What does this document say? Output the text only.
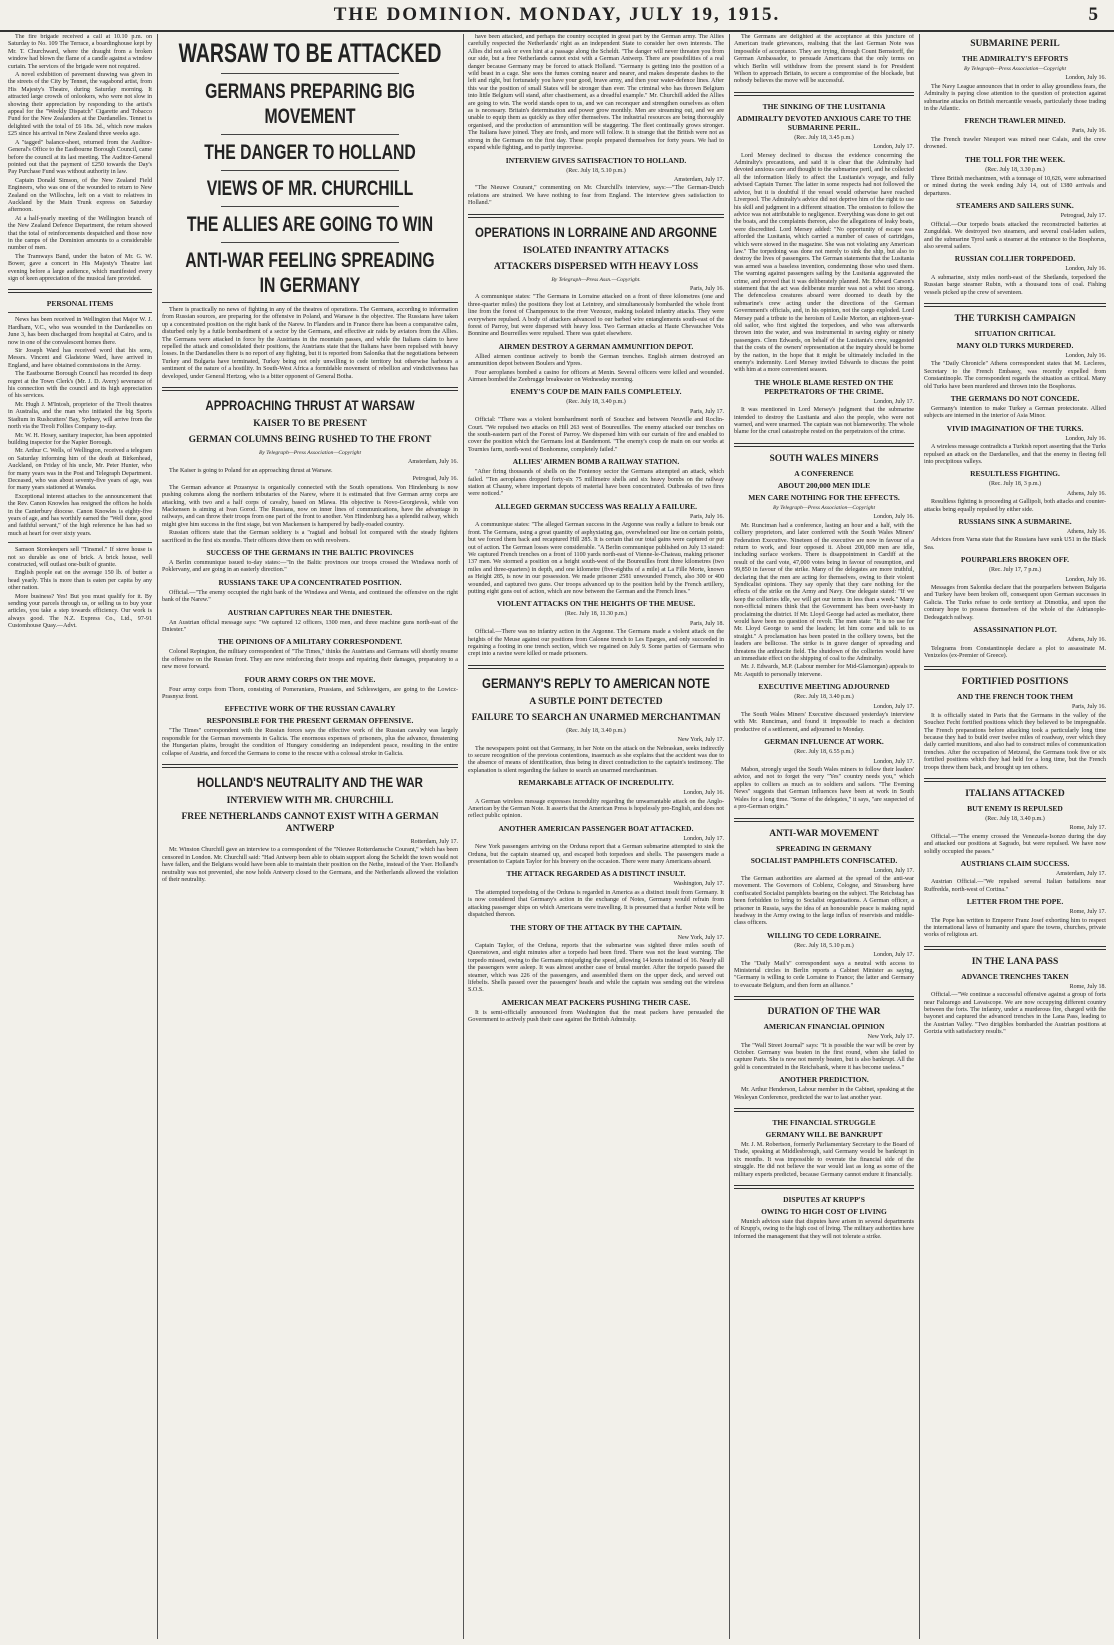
THE DOMINION. MONDAY, JULY 19, 1915.	5

The fire brigade received a call at 10.10 p.m. on Saturday to No. 109 The Terrace, a boardinghouse kept by Mr. T. Churchward, where the draught from a broken window had blown the flame of a candle against a window curtain. The services of the brigade were not required.

A novel exhibition of pavement drawing was given in the streets of the City by Tennet, the vagabond artist, from His Majesty's Theatre, during Saturday morning. It attracted large crowds of onlookers, who were not slow in showing their appreciation by responding to the artist's appeal for the "Weekly Dispatch" Cigarette and Tobacco Fund for the New Zealanders at the Dardanelles. Tennet is delighted with the total of £6 18s. 3d., which now makes £25 since his arrival in New Zealand three weeks ago.

A "tagged" balance-sheet, returned from the Auditor-General's Office to the Eastbourne Borough Council, came before the council at its last meeting. The Auditor-General pointed out that the payment of £250 towards the Day's Pay Purchase Fund was without authority in law.

Captain Donald Simson, of the New Zealand Field Engineers, who was one of the wounded to return to New Zealand on the Willochra, left on a visit to relatives in Auckland by the Main Trunk express on Saturday afternoon.

At a half-yearly meeting of the Wellington branch of the New Zealand Defence Department, the return showed that the total of reinforcements despatched and those now in the camps of the Dominion amounts to a considerable number of men.

The Tramways Band, under the baton of Mr. G. W. Bower, gave a concert in His Majesty's Theatre last evening before a large audience, which manifested every sign of keen appreciation of the musical fare provided.

PERSONAL ITEMS

News has been received in Wellington that Major W. J. Hardham, V.C., who was wounded in the Dardanelles on June 3, has been discharged from hospital at Cairo, and is now in one of the convalescent homes there.

Sir Joseph Ward has received word that his sons, Messrs. Vincent and Gladstone Ward, have arrived in England, and have obtained commissions in the Army.

The Eastbourne Borough Council has recorded its deep regret at the Town Clerk's (Mr. J. D. Avery) severance of his connection with the council and its high appreciation of his services.

Mr. Hugh J. M'Intosh, proprietor of the Tivoli theatres in Australia, and the man who initiated the big Sports Stadium in Rushcutters' Bay, Sydney, will arrive from the north via the Tivoli Follies Company to-day.

Mr. W. H. Hosey, sanitary inspector, has been appointed building inspector for the Napier Borough.

Mr. Arthur C. Wells, of Wellington, received a telegram on Saturday informing him of the death at Birkenhead, Auckland, on Friday of his uncle, Mr. Peter Hunter, who for many years was in the Post and Telegraph Department. Deceased, who was about seventy-five years of age, was for many years stationed at Wanaka.

Exceptional interest attaches to the announcement that the Rev. Canon Knowles has resigned the offices he holds in the Canterbury diocese. Canon Knowles is eighty-five years of age, and has worthily earned the "Well done, good and faithful servant," of the high reference he has had so much at heart for over sixty years.

Samson Storekeepers sell "Tinsmel." If stove house is not so durable as one of brick. A brick house, well constructed, will outlast one-built of granite.

English people eat on the average 150 lb. of butter a head yearly. This is more than is eaten per capita by any other nation.

More business? Yes! But you must qualify for it. By sending your parcels through us, or selling us to buy your articles, you take a step towards efficiency. Our work is always good. The N.Z. Express Co., Ltd., 97-91 Customhouse Quay.—Advt.

WARSAW TO BE ATTACKED
GERMANS PREPARING BIG MOVEMENT
THE DANGER TO HOLLAND
VIEWS OF MR. CHURCHILL
THE ALLIES ARE GOING TO WIN
ANTI-WAR FEELING SPREADING IN GERMANY

There is practically no news of fighting in any of the theatres of operations. The Germans, according to information from Russian sources, are preparing for the offensive in Poland, and Warsaw is the objective. The Russians have taken up a concentrated position on the right bank of the Narew. In Flanders and in France there has been a comparative calm, disturbed only by a futile bombardment of a sector by the Germans, and effective air raids by aviators from the Allies. The Germans were attacked in force by the Austrians in the mountain passes, and while the Italians claim to have repelled the attack and consolidated their positions, the Austrians state that the Italians have been repulsed with heavy losses. In the Dardanelles there is no report of any fighting, but it is reported from Salonika that the negotiations between Turkey and Bulgaria have terminated, Turkey being not only unwilling to cede territory but otherwise harbours a sentiment of the nature of a hostility. In South-West Africa a formidable movement of rebellion and vindictiveness has developed, under General Hertzog, who is a bitter opponent of General Botha.

APPROACHING THRUST AT WARSAW
KAISER TO BE PRESENT
GERMAN COLUMNS BEING RUSHED TO THE FRONT
By Telegraph—Press Association—Copyright
Amsterdam, July 16.

The Kaiser is going to Poland for an approaching thrust at Warsaw.

Petrograd, July 16.

The German advance at Przasnysz is organically connected with the South operations. Von Hindenburg is now pushing columns along the northern tributaries of the Narew, where it is estimated that five German army corps are attacking, with two and a half corps of cavalry, based on Mlawa. His objective is Novo-Georgievsk, while von Mackensen is aiming at Ivan Gorod. The Russians, now on inner lines of communications, have the advantage in railways, and can throw their troops from one part of the front to another. Von Hindenburg has a splendid railway, which might give him success in the first stage, but von Mackensen is hampered by badly-roaded country.

Russian officers state that the German soldiery is a "ragtail and bobtail lot compared with the steady fighters sacrificed in the first six months. Their officers drive them on with revolvers.

SUCCESS OF THE GERMANS IN THE BALTIC PROVINCES

A Berlin communique issued to-day states:—"In the Baltic provinces our troops crossed the Windawa north of Poklervany, and are going in an easterly direction."

RUSSIANS TAKE UP A CONCENTRATED POSITION.

Official.—"The enemy occupied the right bank of the Windawa and Wenta, and continued the offensive on the right bank of the Narew."

AUSTRIAN CAPTURES NEAR THE DNIESTER.

An Austrian official message says: "We captured 12 officers, 1300 men, and three machine guns north-east of the Dniester."

THE OPINIONS OF A MILITARY CORRESPONDENT.

Colonel Repington, the military correspondent of "The Times," thinks the Austrians and Germans will shortly resume the offensive on the Russian front. They are now reinforcing their troops and repairing their damages, preparatory to a new move forward.

FOUR ARMY CORPS ON THE MOVE.

Four army corps from Thorn, consisting of Pomeranians, Prussians, and Schleswigers, are going to the Lowicz-Prasnysz front.

EFFECTIVE WORK OF THE RUSSIAN CAVALRY
RESPONSIBLE FOR THE PRESENT GERMAN OFFENSIVE.

"The Times" correspondent with the Russian forces says the effective work of the Russian cavalry was largely responsible for the German movements in Galicia. The enormous expenses of prisoners, plus the advance, threatening the Hungarian plains, brought the condition of Hungary considering an independent peace, resulting in the entire collapse of Austria, and forced the Germans to come to the rescue with a colossal stroke in Galicia.

HOLLAND'S NEUTRALITY AND THE WAR
INTERVIEW WITH MR. CHURCHILL
FREE NETHERLANDS CANNOT EXIST WITH A GERMAN ANTWERP
Rotterdam, July 17.

Mr. Winston Churchill gave an interview to a correspondent of the "Nieuwe Rotterdamsche Courant," which has been censored in London. Mr. Churchill said: "Had Antwerp been able to obtain support along the Scheldt the town would not have fallen, and the Belgians would have been able to maintain their position on the Nethe, instead of the Yser. Holland's neutrality was not prevented, she now holds Antwerp closed to the Germans, and the Netherlands allowed the violation of their neutrality.

have been attacked, and perhaps the country occupied in great part by the German army. The Allies carefully respected the Netherlands' right as an independent State to consider her own interests. The Allies did not ask or even hint at a passage along the Scheldt. "The danger will never threaten you from our side, but a free Netherlands cannot exist with a German Antwerp. There are possibilities of a real danger because Germany may be forced to attack Holland. "Germany is getting into the position of a wild beast in a cage. She sees the fumes coming nearer and nearer, and makes desperate dashes to the left and right, but fortunately you have your good, brave army, and then your water-defence lines. After this war the position of small States will be stronger than ever. The criminal who has thrown Belgium into little Belgium will stand, after chastisement, as a dreadful example." Mr. Churchill added the Allies are going to win. The world stands open to us, and we can reconquer and strengthen ourselves as often as is necessary. Britain's determination and power grow monthly. Men are streaming out, and we are unable to equip them as quickly as they offer themselves. The industrial resources are being thoroughly organised, and the production of ammunition will be staggering. The fleet continually grows stronger. The Italians have joined. They are fresh, and more will follow. It is strange that the British were not as strong in the Germans on the first day. These people prepared themselves for forty years. We had to expand while fighting, and to partly improvise.

INTERVIEW GIVES SATISFACTION TO HOLLAND.
(Rec. July 18, 5.10 p.m.)
Amsterdam, July 17.

"The Nieuwe Courant," commenting on Mr. Churchill's interview, says:—"The German-Dutch relations are strained. We have nothing to fear from England. The interview gives satisfaction to Holland."

OPERATIONS IN LORRAINE AND ARGONNE
ISOLATED INFANTRY ATTACKS
ATTACKERS DISPERSED WITH HEAVY LOSS
By Telegraph—Press Assn.—Copyright.
Paris, July 16.

A communique states: "The Germans in Lorraine attacked on a front of three kilometres (one and three-quarter miles) the positions they lost at Leintrey, and simultaneously bombarded the whole front line from the forest of Champenoux to the river Vezouze, making isolated infantry attacks. They were everywhere repulsed. A body of attackers advanced to our barbed wire entanglements south-east of the forest of Parroy, but were dispersed with heavy loss. Two German attacks at Haute Chevauchee Vois Bonnine and Bourreilles were repulsed. There was quiet elsewhere.

AIRMEN DESTROY A GERMAN AMMUNITION DEPOT.

Allied airmen continue actively to bomb the German trenches. English airmen destroyed an ammunition depot between Boulers and Ypres.

Four aeroplanes bombed a casino for officers at Menin. Several officers were killed and wounded. Airmen bombed the Zeebrugge breakwater on Wednesday morning.

ENEMY'S COUP DE MAIN FAILS COMPLETELY.
(Rec. July 18, 3.40 p.m.)
Paris, July 17.

Official: "There was a violent bombardment north of Souchez and between Neuville and Roclin-Court. "We repulsed two attacks on Hill 263 west of Boureuilles. The enemy attacked our trenches on the south-eastern part of the Forest of Parroy. We dispersed him with our curtain of fire and enabled to cover the position which the Germans lost at Bandemont. "The enemy's coup de main on our works at Tournies farm, north-west of Bonhomme, completely failed."

ALLIES' AIRMEN BOMB A RAILWAY STATION.

"After firing thousands of shells on the Fontenoy sector the Germans attempted an attack, which failed. "Ten aeroplanes dropped forty-six 75 millimetre shells and six heavy bombs on the railway station at Chauny, where important depots of material have been concentrated. Outbreaks of two fires were noticed."

ALLEGED GERMAN SUCCESS WAS REALLY A FAILURE.
Paris, July 16.

A communique states: "The alleged German success in the Argonne was really a failure to break our front. The Germans, using a great quantity of asphyxiating gas, overwhelmed our line on certain points, but we forced them back and recaptured Hill 285. It is certain that our total gains were captured or put out of action. The German losses were considerable. "A Berlin communique published on July 13 stated: We captured French trenches on a front of 1100 yards north-east of Vienne-le-Chateau, making prisoner 137 men. We stormed a position on a height south-west of the Boureuilles front three kilometres (two miles and three-quarters) in depth, and one kilometre (five-eighths of a mile) at La Fille Morte, known as Height 285, is now in our possession. We made prisoner 2581 unwounded French, also 300 or 400 wounded, and captured two guns. Our troops advanced up to the position held by the French artillery, putting eight guns out of action, which are now between the German and the French lines."

VIOLENT ATTACKS ON THE HEIGHTS OF THE MEUSE.
(Rec. July 18, 11.30 p.m.)
Paris, July 18.

Official.—There was no infantry action in the Argonne. The Germans made a violent attack on the heights of the Meuse against our positions from Calonne trench to Les Eparges, and only succeeded in regaining a footing in one trench section, which we regained on July 9. Some parties of Germans who crept into a ravine were killed or made prisoners.

GERMANY'S REPLY TO AMERICAN NOTE
A SUBTLE POINT DETECTED
FAILURE TO SEARCH AN UNARMED MERCHANTMAN
(Rec. July 18, 3.40 p.m.)
New York, July 17.

The newspapers point out that Germany, in her Note on the attack on the Nebraskan, seeks indirectly to secure recognition of the previous contentions, inasmuch as she explains that the accident was due to the absence of means of identification, thus being in direct contradiction to the captain's testimony. The explanation is silent regarding the failure to search an unarmed merchantman.

REMARKABLE ATTACK OF INCREDULITY.
London, July 16.

A German wireless message expresses incredulity regarding the unwarrantable attack on the Anglo-American by the German Note. It asserts that the American Press is hopelessly pro-English, and does not reflect public opinion.

ANOTHER AMERICAN PASSENGER BOAT ATTACKED.
London, July 17.

New York passengers arriving on the Orduna report that a German submarine attempted to sink the Orduna, but the captain steamed up, and escaped both torpedoes and shells. The passengers made a presentation to Captain Taylor for his bravery on the occasion. There were many Americans aboard.

THE ATTACK REGARDED AS A DISTINCT INSULT.
Washington, July 17.

The attempted torpedoing of the Orduna is regarded in America as a distinct insult from Germany. It is now considered that Germany's action in the exchange of Notes, Germany would refrain from attacking passenger ships on which Americans were travelling. It is presumed that a further Note will be dispatched thereon.

THE STORY OF THE ATTACK BY THE CAPTAIN.
New York, July 17.

Captain Taylor, of the Orduna, reports that the submarine was sighted three miles south of Queenstown, and eight minutes after a torpedo had been fired. There was not the least warning. The torpedo missed, owing to the Germans misjudging the speed, allowing 14 knots instead of 16. Nearly all the passengers were asleep. It was almost another case of brutal murder. After the torpedo passed the steamer, which was 226 of the passengers, and assembled them on the upper deck, and served out lifebelts. Shells passed over the passengers' heads and while the captain was sending out the wireless S.O.S.

AMERICAN MEAT PACKERS PUSHING THEIR CASE.

It is semi-officially announced from Washington that the meat packers have persuaded the Government to actively push their case against the British Admiralty.

The Germans are delighted at the acceptance at this juncture of American trade grievances, realising that the last German Note was impossible of acceptance. They are trying, through Count Bernstorff, the German Ambassador, to persuade Americans that the only terms on which Berlin will withdraw from the present stand is for President Wilson to approach Britain, to secure a compromise of the blockade, but nobody believes the move will be successful.

THE SINKING OF THE LUSITANIA
ADMIRALTY DEVOTED ANXIOUS CARE TO THE SUBMARINE PERIL.
(Rec. July 18, 3.45 p.m.)
London, July 17.

Lord Mersey declined to discuss the evidence concerning the Admiralty's precautions, and said it is clear that the Admiralty had devoted anxious care and thought to the submarine peril, and he collected all the information likely to affect the Lusitania's voyage, and fully advised Captain Turner. The latter in some respects had not followed the advice, but it is doubtful if the vessel would otherwise have reached Liverpool. The Admiralty's advice did not deprive him of the right to use his skill and judgment in a different situation. The omission to follow the advice was not attributable to negligence. Everything was done to get out the boats, and the complaints thereon, also the allegations of leaky boats, were discredited. Lord Mersey added: "No opportunity of escape was afforded the Lusitania, which carried a number of cases of cartridges, which were stowed in the magazine. She was not violating any American law." The torpedoing was done not merely to sink the ship, but also to destroy the lives of passengers. The German statements that the Lusitania was armed was a baseless invention, condemning those who used them. The warning against passengers sailing by the Lusitania aggravated the crime, and proved that it was deliberately planned. Mr. Edward Carson's statement that the act was deliberate murder was not a whit too strong. The defenceless creatures aboard were doomed to death by the submarine's crew acting under the directions of the German Government's officials, and, in his opinion, not the cargo exploded. Lord Mersey paid a tribute to the heroism of Leslie Morton, an eighteen-year-old sailor, who first sighted the torpedoes, and who was afterwards thrown into the water, and was instrumental in saving eighty or ninety passengers. Clem Edwards, on behalf of the Lusitania's crew, suggested that the costs of the owners' representation at the inquiry should be borne by the nation, in the hope that it might be ultimately included in the enemy's indemnity. Lord Mersey invited Edwards to discuss the point with him at a more convenient season.

THE WHOLE BLAME RESTED ON THE PERPETRATORS OF THE CRIME.
London, July 17.

It was mentioned in Lord Mersey's judgment that the submarine intended to destroy the Lusitania and also the people, who were not warned, and were unarmed. The captain was not blameworthy. The whole blame for the cruel catastrophe rested on the perpetrators of the crime.

SOUTH WALES MINERS
A CONFERENCE
ABOUT 200,000 MEN IDLE
MEN CARE NOTHING FOR THE EFFECTS.
By Telegraph—Press Association—Copyright
London, July 16.

Mr. Runciman had a conference, lasting an hour and a half, with the colliery proprietors, and later conferred with the South Wales Miners' Federation Executive. Nineteen of the executive are now in favour of a return to work, and four opposed it. About 200,000 men are idle, including surface workers. There is disappointment in Cardiff at the result of the card vote, 47,000 votes being in favour of resumption, and 99,850 in favour of the strike. Many of the delegates are more truthful, declaring that the men are acting for themselves, owing to their violent Syndicalist opinions. They say openly that they care nothing for the effects of the strike on the Army and Navy. One delegate stated: "If we keep the collieries idle, we will get our terms in less than a week." Many non-official miners think that the Government has been over-hasty in proclaiming the district. If Mr. Lloyd George had acted as mediator, there would have been no question of revolt. The men state: "It is no use for Mr. Lloyd George to send the leaders; let him come and talk to us straight." A proclamation has been posted in the colliery towns, but the leaders are bellicose. The strike is in grave danger of spreading and threatens the anthracite field. The shutdown of the collieries would have an immediate effect on the shipping of coal to the Admiralty.

Mr. J. Edwards, M.P. (Labour member for Mid-Glamorgan) appeals to Mr. Asquith to personally intervene.

EXECUTIVE MEETING ADJOURNED
(Rec. July 18, 3.40 p.m.)
London, July 17.

The South Wales Miners' Executive discussed yesterday's interview with Mr. Runciman, and found it impossible to reach a decision productive of a settlement, and adjourned to Monday.

GERMAN INFLUENCE AT WORK.
(Rec. July 18, 6.55 p.m.)
London, July 17.

Mabon, strongly urged the South Wales miners to follow their leaders' advice, and not to forget the very "Yes" country needs you," which applies to colliers as much as to soldiers and sailors. "The Evening News" suggests that German influences have been at work in South Wales for a long time. "Some of the delegates," it says, "are suspected of a pro-German origin."

ANTI-WAR MOVEMENT
SPREADING IN GERMANY
SOCIALIST PAMPHLETS CONFISCATED.
London, July 17.

The German authorities are alarmed at the spread of the anti-war movement. The Governors of Coblenz, Cologne, and Strassburg have confiscated Socialist pamphlets bearing on the subject. The Reichstag has been forbidden to bring to Socialist organisations. A German officer, a prisoner in Russia, says the idea of an honourable peace is making rapid headway in the Army owing to the large influx of reservists and middle-class officers.

WILLING TO CEDE LORRAINE.
(Rec. July 18, 5.10 p.m.)
London, July 17.

The "Daily Mail's" correspondent says a neutral with access to Ministerial circles in Berlin reports a Cabinet Minister as saying, "Germany is willing to cede Lorraine to France; the latter and Germany to evacuate Belgium, and then form an alliance."

DURATION OF THE WAR
AMERICAN FINANCIAL OPINION
New York, July 17.

The "Wall Street Journal" says: "It is possible the war will be over by October. Germany was beaten in the first round, when she failed to capture Paris. She is now not merely beaten, but is also bankrupt. All the gold is concentrated in the Reichsbank, where it has become useless."

ANOTHER PREDICTION.

Mr. Arthur Henderson, Labour member in the Cabinet, speaking at the Wesleyan Conference, predicted the war to last another year.

THE FINANCIAL STRUGGLE
GERMANY WILL BE BANKRUPT

Mr. J. M. Robertson, formerly Parliamentary Secretary to the Board of Trade, speaking at Middlesbrough, said Germany would be bankrupt in six months. It was impossible to overrate the financial side of the struggle. He did not believe the war would last as long as some of the military experts predicted, because Germany cannot endure it financially.

DISPUTES AT KRUPP'S
OWING TO HIGH COST OF LIVING

Munich advices state that disputes have arisen in several departments of Krupp's, owing to the high cost of living. The military authorities have informed the management that they will not tolerate a strike.

SUBMARINE PERIL
THE ADMIRALTY'S EFFORTS
By Telegraph—Press Association—Copyright
London, July 16.

The Navy League announces that in order to allay groundless fears, the Admiralty is paying close attention to the question of protection against submarine attacks on British mercantile vessels, particularly those trading in the Atlantic.

FRENCH TRAWLER MINED.
Paris, July 16.

The French trawler Nieuport was mined near Calais, and the crew drowned.

THE TOLL FOR THE WEEK.
(Rec. July 18, 3.30 p.m.)

Three British mechantmen, with a tonnage of 10,626, were submarined or mined during the week ending July 14, out of 1380 arrivals and departures.

STEAMERS AND SAILERS SUNK.
Petrograd, July 17.

Official.—Our torpedo boats attacked the reconstructed batteries at Zunguldak. We destroyed two steamers, and several coal-laden sailers, and the submarine Tyrol sank a steamer at the entrance to the Bosphorus, also several sailers.

RUSSIAN COLLIER TORPEDOED.
London, July 16.

A submarine, sixty miles north-east of the Shetlands, torpedoed the Russian barge steamer Rubin, with a thousand tons of coal. Fishing vessels picked up the crew of seventeen.

THE TURKISH CAMPAIGN
SITUATION CRITICAL
MANY OLD TURKS MURDERED.
London, July 16.

The "Daily Chronicle" Athens correspondent states that M. Lecleres, Secretary to the French Embassy, was recently expelled from Constantinople. The correspondent regards the situation as critical. Many old Turks have been murdered and thrown into the Bosphorus.

THE GERMANS DO NOT CONCEDE.

Germany's intention to make Turkey a German protectorate. Allied subjects are interned in the interior of Asia Minor.

VIVID IMAGINATION OF THE TURKS.
London, July 16.

A wireless message contradicts a Turkish report asserting that the Turks repulsed an attack on the Dardanelles, and that the enemy in fleeing fell into precipitous valleys.

RESULTLESS FIGHTING.
(Rec. July 18, 3 p.m.)
Athens, July 16.

Resultless fighting is proceeding at Gallipoli, both attacks and counter-attacks being equally repulsed by either side.

RUSSIANS SINK A SUBMARINE.
Athens, July 16.

Advices from Varna state that the Russians have sunk U51 in the Black Sea.

POURPARLERS BROKEN OFF.
(Rec. July 17, 7 p.m.)
London, July 16.

Messages from Salonika declare that the pourparlers between Bulgaria and Turkey have been broken off, consequent upon German successes in Galicia. The Turks refuse to cede territory at Dimotika, and upon the contrary hope to possess themselves of the whole of the Adrianople-Dedeagatch railway.

ASSASSINATION PLOT.
Athens, July 16.

Telegrams from Constantinople declare a plot to assassinate M. Venizelos (ex-Premier of Greece).

FORTIFIED POSITIONS
AND THE FRENCH TOOK THEM
Paris, July 16.

It is officially stated in Paris that the Germans in the valley of the Souchez Fecht fortified positions which they believed to be impregnable. The French preparations before attacking took a particularly long time because they had to build over twelve miles of roadway, over which they daily carried munitions, and also had to construct miles of communication trenches. After the occupation of Metzeral, the Germans took five or six fortified positions which they had held for a long time, but the French troops threw them back, and brought up ten others.

ITALIANS ATTACKED
BUT ENEMY IS REPULSED
(Rec. July 18, 3.40 p.m.)
Rome, July 17.

Official.—"The enemy crossed the Venezuela-Isonzo during the day and attacked our positions at Sagrado, but were repulsed. We have now solidly occupied the passes."

AUSTRIANS CLAIM SUCCESS.
Amsterdam, July 17.

Austrian Official.—"We repulsed several Italian battalions near Ruffredda, north-west of Cortina."

LETTER FROM THE POPE.
Rome, July 17.

The Pope has written to Emperor Franz Josef exhorting him to respect the international laws of humanity and spare the towns, churches, private works of religious art.

IN THE LANA PASS
ADVANCE TRENCHES TAKEN
Rome, July 18.

Official.—"We continue a successful offensive against a group of forts near Falzarego and Lavaiscope. We are now occupying different country between the forts. The infantry, under a murderous fire, charged with the bayonet and captured the advanced trenches in the Lana Pass, leading to the Austrian Valley. "Two dirigibles bombarded the Austrian positions at Gorizia with satisfactory results."
